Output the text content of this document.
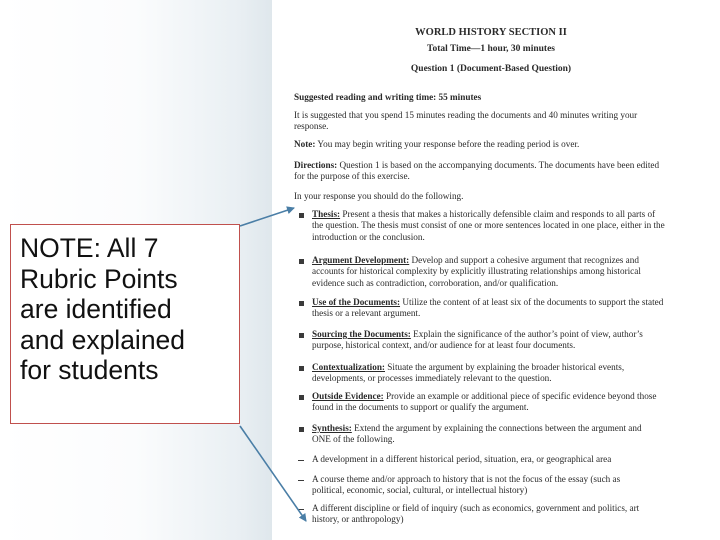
WORLD HISTORY SECTION II
Total Time—1 hour, 30 minutes
Question 1 (Document-Based Question)
Suggested reading and writing time: 55 minutes
It is suggested that you spend 15 minutes reading the documents and 40 minutes writing your
response.
Note: You may begin writing your response before the reading period is over.
Directions: Question 1 is based on the accompanying documents. The documents have been edited
for the purpose of this exercise.
In your response you should do the following.
Thesis: Present a thesis that makes a historically defensible claim and responds to all parts of
the question. The thesis must consist of one or more sentences located in one place, either in the
introduction or the conclusion.
Argument Development: Develop and support a cohesive argument that recognizes and
accounts for historical complexity by explicitly illustrating relationships among historical
evidence such as contradiction, corroboration, and/or qualification.
Use of the Documents: Utilize the content of at least six of the documents to support the stated
thesis or a relevant argument.
Sourcing the Documents: Explain the significance of the author’s point of view, author’s
purpose, historical context, and/or audience for at least four documents.
Contextualization: Situate the argument by explaining the broader historical events,
developments, or processes immediately relevant to the question.
Outside Evidence: Provide an example or additional piece of specific evidence beyond those
found in the documents to support or qualify the argument.
Synthesis: Extend the argument by explaining the connections between the argument and
ONE of the following.
A development in a different historical period, situation, era, or geographical area
A course theme and/or approach to history that is not the focus of the essay (such as
political, economic, social, cultural, or intellectual history)
A different discipline or field of inquiry (such as economics, government and politics, art
history, or anthropology)
NOTE: All 7
Rubric Points
are identified
and explained
for students
